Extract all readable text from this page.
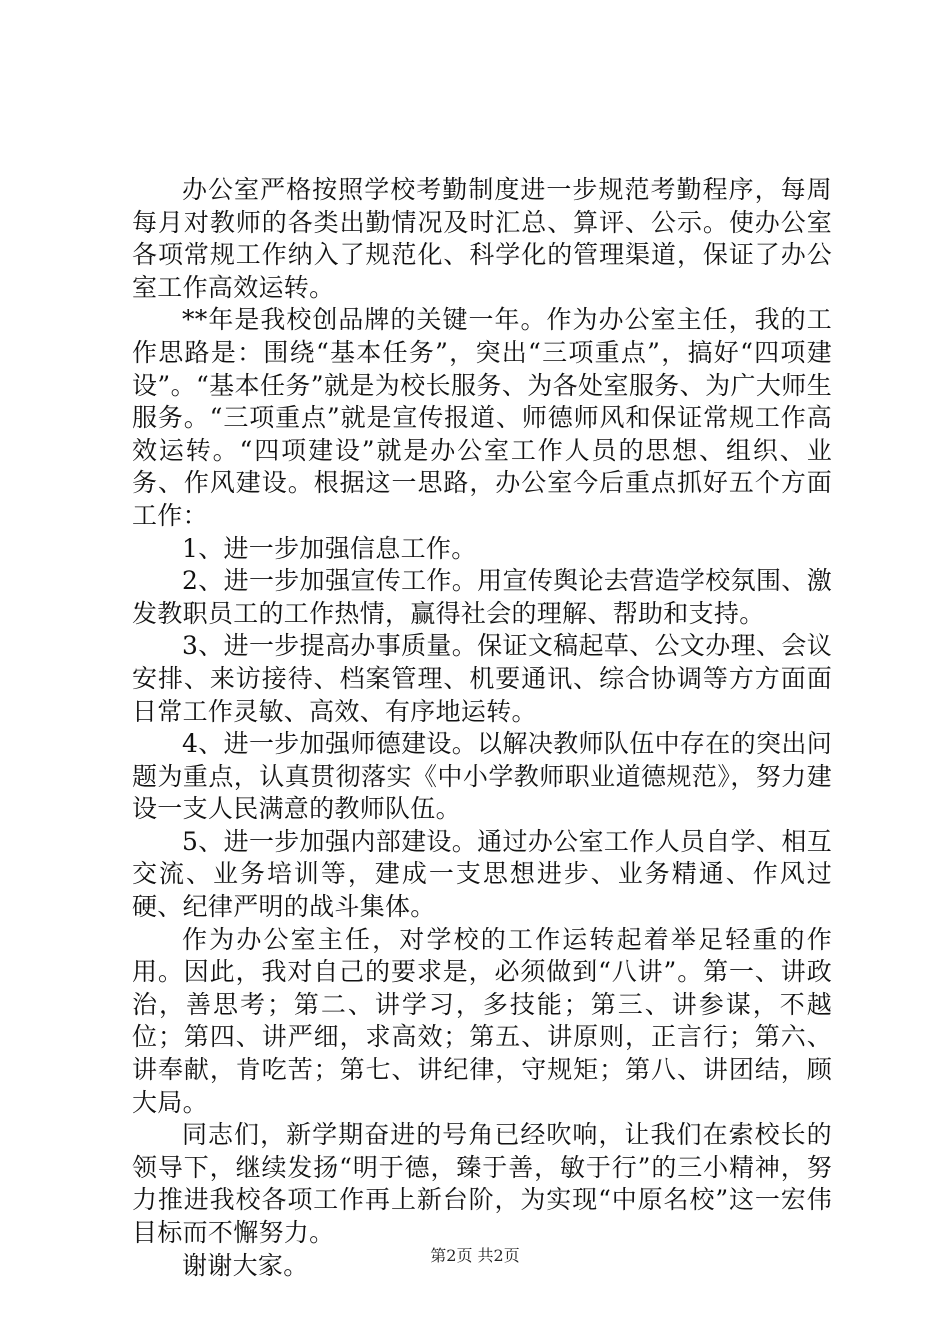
办公室严格按照学校考勤制度进一步规范考勤程序，每周每月对教师的各类出勤情况及时汇总、算评、公示。使办公室各项常规工作纳入了规范化、科学化的管理渠道，保证了办公室工作高效运转。

**年是我校创品牌的关键一年。作为办公室主任，我的工作思路是：围绕“基本任务”，突出“三项重点”，搞好“四项建设”。“基本任务”就是为校长服务、为各处室服务、为广大师生服务。“三项重点”就是宣传报道、师德师风和保证常规工作高效运转。“四项建设”就是办公室工作人员的思想、组织、业务、作风建设。根据这一思路，办公室今后重点抓好五个方面工作：

1、进一步加强信息工作。

2、进一步加强宣传工作。用宣传舆论去营造学校氛围、激发教职员工的工作热情，赢得社会的理解、帮助和支持。

3、进一步提高办事质量。保证文稿起草、公文办理、会议安排、来访接待、档案管理、机要通讯、综合协调等方方面面日常工作灵敏、高效、有序地运转。

4、进一步加强师德建设。以解决教师队伍中存在的突出问题为重点，认真贯彻落实《中小学教师职业道德规范》，努力建设一支人民满意的教师队伍。

5、进一步加强内部建设。通过办公室工作人员自学、相互交流、业务培训等，建成一支思想进步、业务精通、作风过硬、纪律严明的战斗集体。

作为办公室主任，对学校的工作运转起着举足轻重的作用。因此，我对自己的要求是，必须做到“八讲”。第一、讲政治，善思考；第二、讲学习，多技能；第三、讲参谋，不越位；第四、讲严细，求高效；第五、讲原则，正言行；第六、讲奉献，肯吃苦；第七、讲纪律，守规矩；第八、讲团结，顾大局。

同志们，新学期奋进的号角已经吹响，让我们在索校长的领导下，继续发扬“明于德，臻于善，敏于行”的三小精神，努力推进我校各项工作再上新台阶，为实现“中原名校”这一宏伟目标而不懈努力。

谢谢大家。	第2页 共2页
